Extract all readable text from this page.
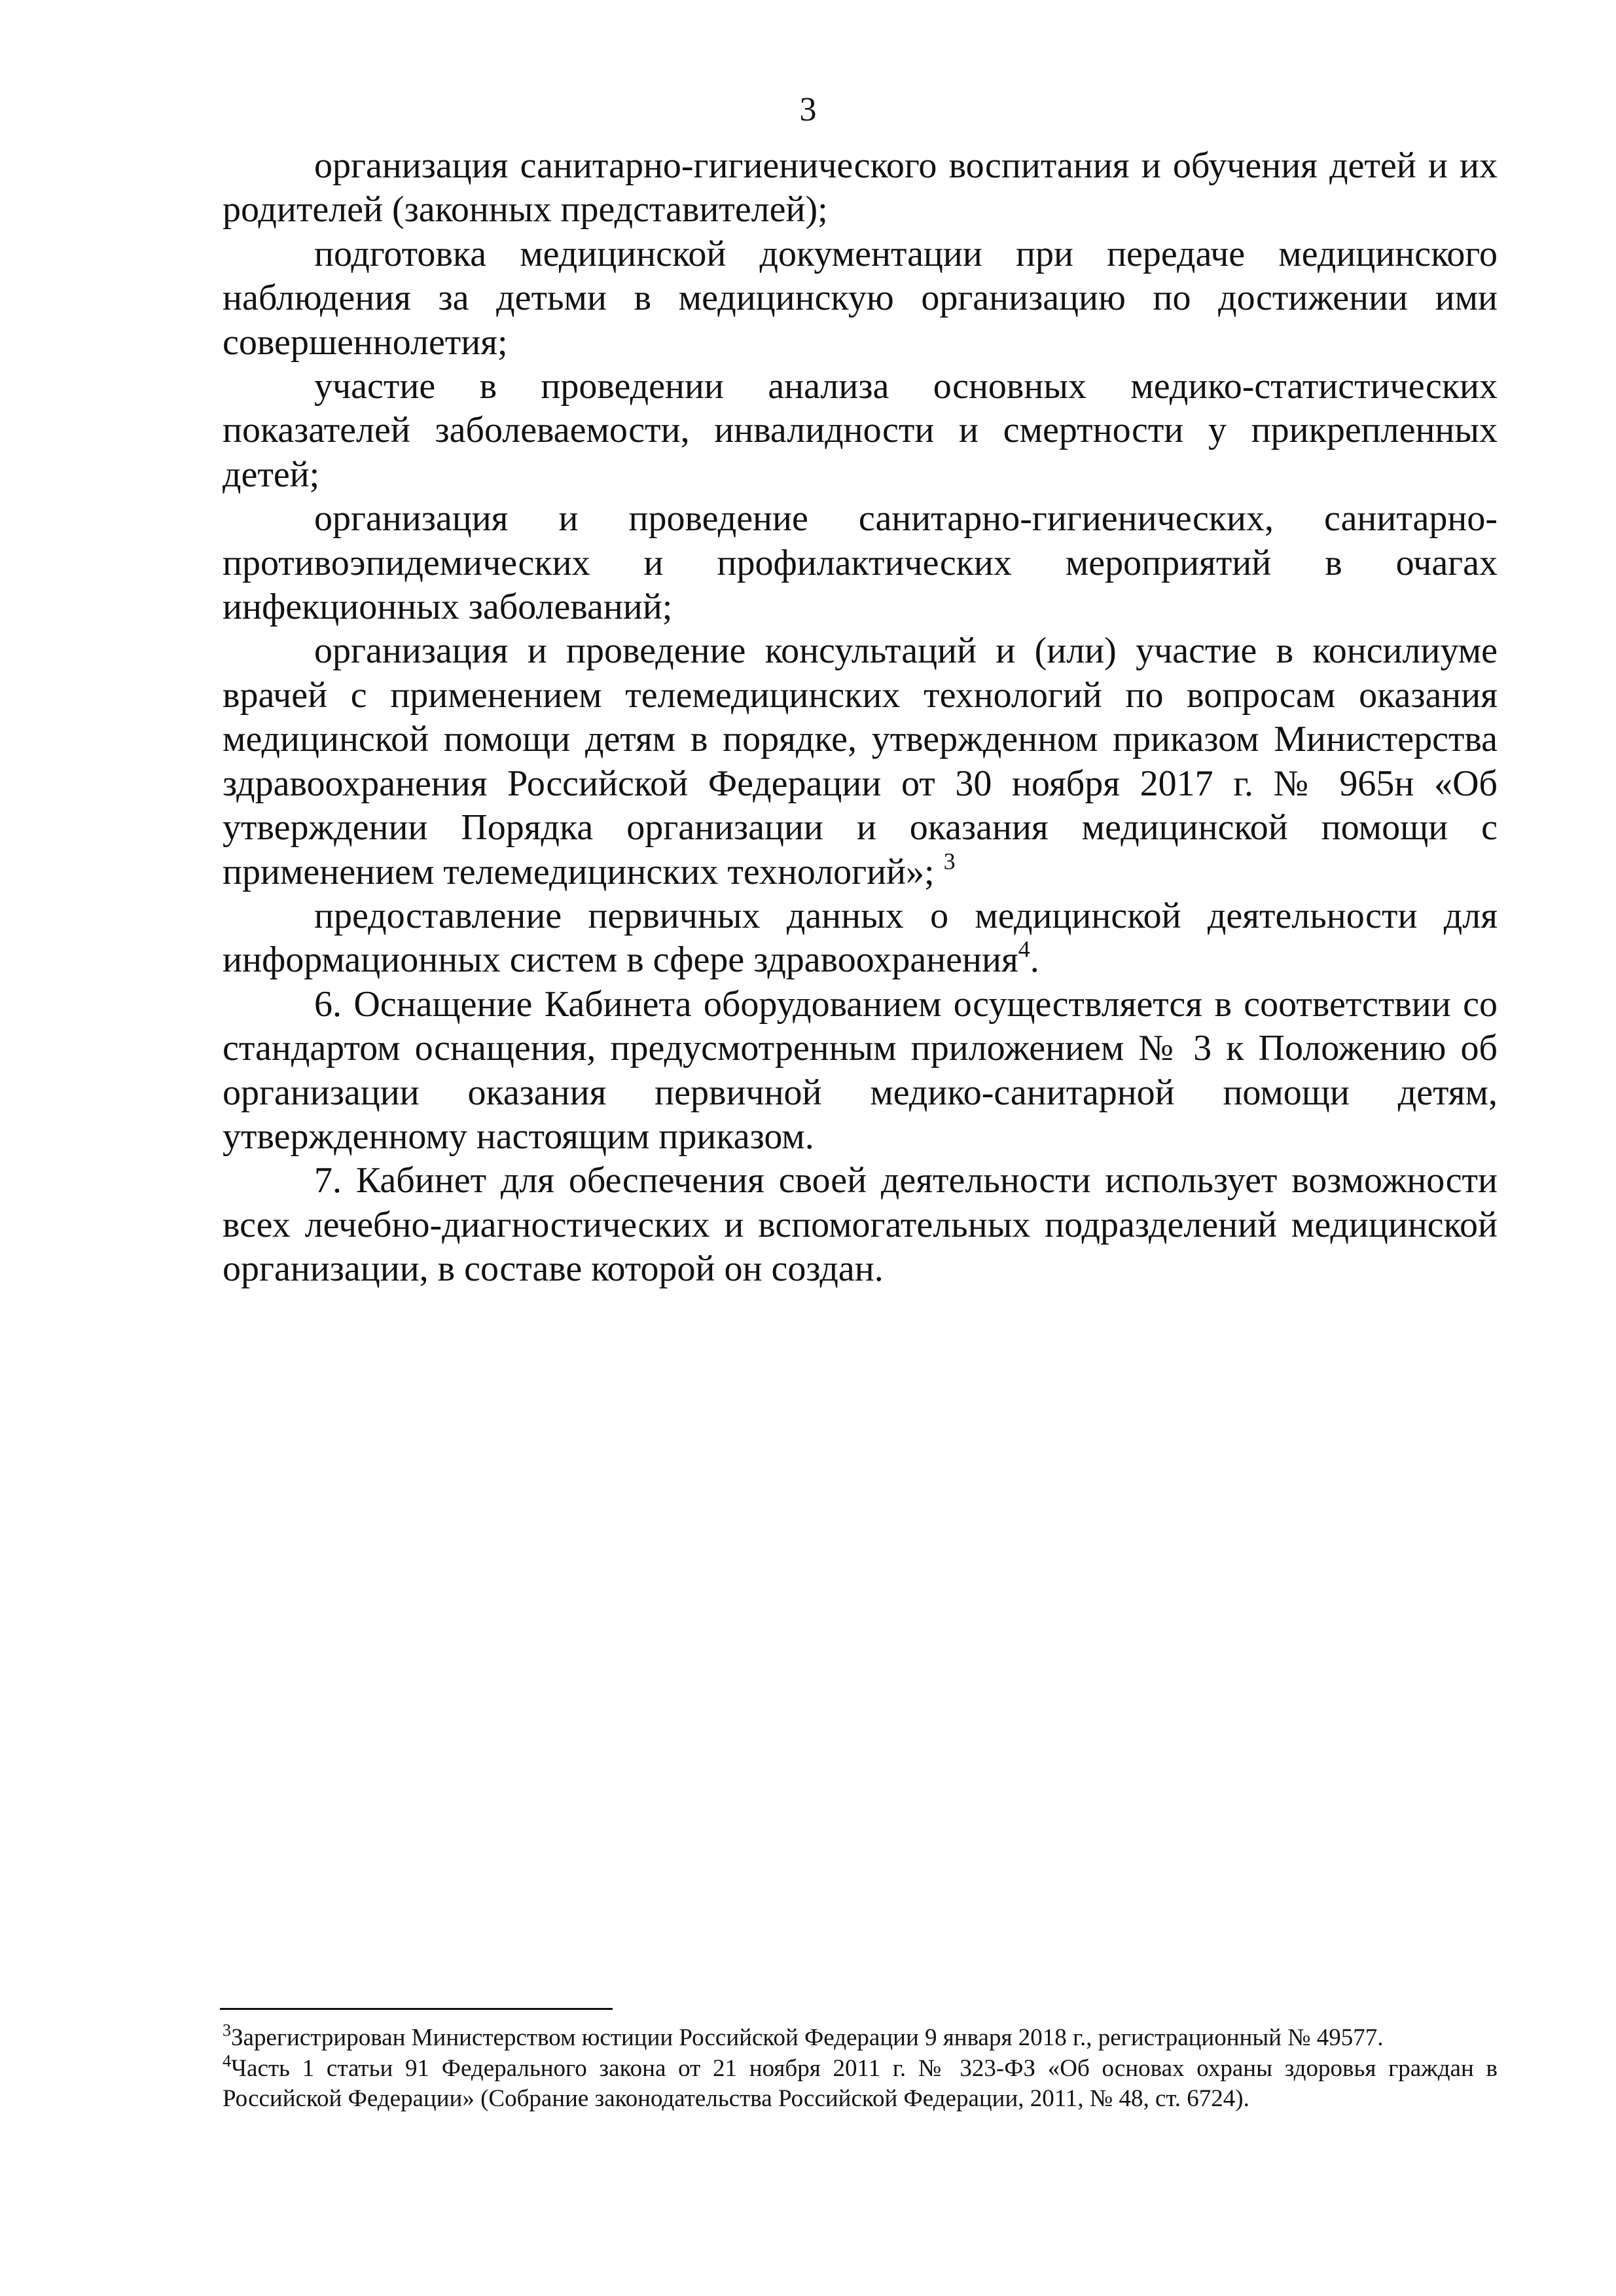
3

организация санитарно-гигиенического воспитания и обучения детей и их родителей (законных представителей);

подготовка медицинской документации при передаче медицинского наблюдения за детьми в медицинскую организацию по достижении ими совершеннолетия;

участие в проведении анализа основных медико-статистических показателей заболеваемости, инвалидности и смертности у прикрепленных детей;

организация и проведение санитарно-гигиенических, санитарно-противоэпидемических и профилактических мероприятий в очагах инфекционных заболеваний;

организация и проведение консультаций и (или) участие в консилиуме врачей с применением телемедицинских технологий по вопросам оказания медицинской помощи детям в порядке, утвержденном приказом Министерства здравоохранения Российской Федерации от 30 ноября 2017 г. № 965н «Об утверждении Порядка организации и оказания медицинской помощи с применением телемедицинских технологий»; $^3$

предоставление первичных данных о медицинской деятельности для информационных систем в сфере здравоохранения$^4$.

6. Оснащение Кабинета оборудованием осуществляется в соответствии со стандартом оснащения, предусмотренным приложением № 3 к Положению об организации оказания первичной медико-санитарной помощи детям, утвержденному настоящим приказом.

7. Кабинет для обеспечения своей деятельности использует возможности всех лечебно-диагностических и вспомогательных подразделений медицинской организации, в составе которой он создан.

$^3$Зарегистрирован Министерством юстиции Российской Федерации 9 января 2018 г., регистрационный № 49577.

$^4$Часть 1 статьи 91 Федерального закона от 21 ноября 2011 г. № 323-ФЗ «Об основах охраны здоровья граждан в Российской Федерации» (Собрание законодательства Российской Федерации, 2011, № 48, ст. 6724).
